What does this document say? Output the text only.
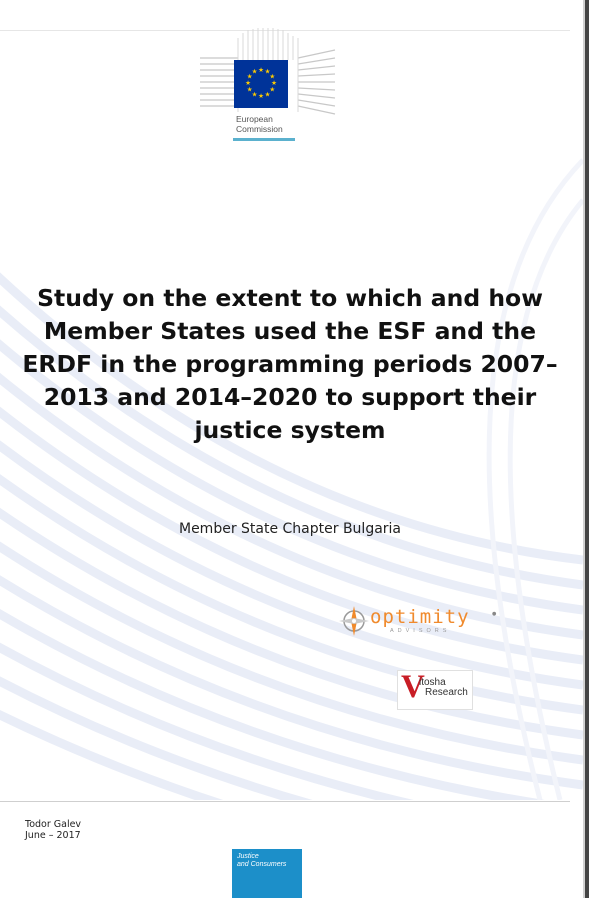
★ ★
★
★
★
★
★
★
★
★
★
★
European
Commission
Study on the extent to which and how Member States used the ESF and the ERDF in the programming periods 2007–2013 and 2014–2020 to support their justice system
Member State Chapter Bulgaria
optimity
ADVISORS
●
V
itosha
Research
Todor Galev
June – 2017
Justice
and Consumers
